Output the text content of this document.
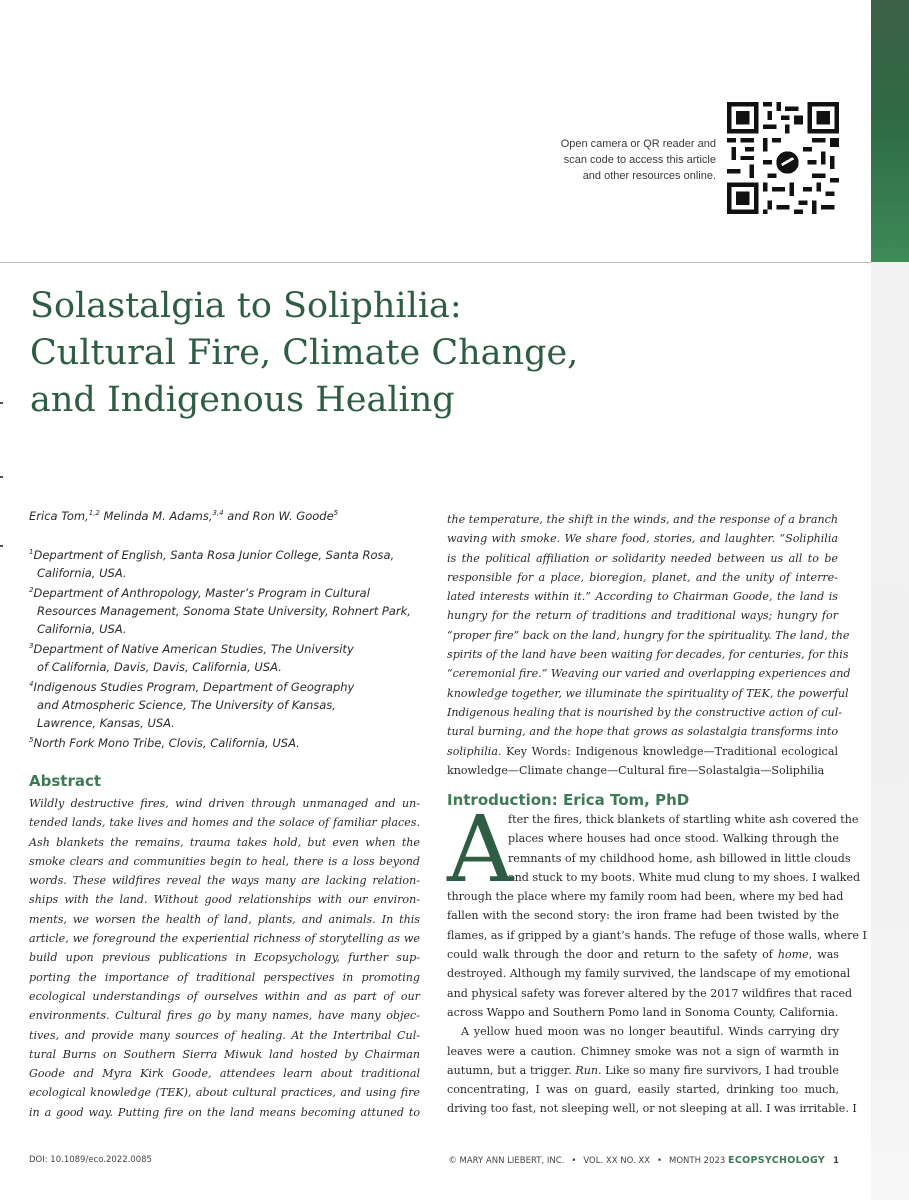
Open camera or QR reader and
scan code to access this article
and other resources online.
Solastalgia to Soliphilia:
Cultural Fire, Climate Change,
and Indigenous Healing
Erica Tom,$^{1,2}$ Melinda M. Adams,$^{3,4}$ and Ron W. Goode$^5$
$^1$Department of English, Santa Rosa Junior College, Santa Rosa,
California, USA.
$^2$Department of Anthropology, Master’s Program in Cultural
Resources Management, Sonoma State University, Rohnert Park,
California, USA.
$^3$Department of Native American Studies, The University
of California, Davis, Davis, California, USA.
$^4$Indigenous Studies Program, Department of Geography
and Atmospheric Science, The University of Kansas,
Lawrence, Kansas, USA.
$^5$North Fork Mono Tribe, Clovis, California, USA.
Abstract
Wildly destructive fires, wind driven through unmanaged and un-
tended lands, take lives and homes and the solace of familiar places.
Ash blankets the remains, trauma takes hold, but even when the
smoke clears and communities begin to heal, there is a loss beyond
words. These wildfires reveal the ways many are lacking relation-
ships with the land. Without good relationships with our environ-
ments, we worsen the health of land, plants, and animals. In this
article, we foreground the experiential richness of storytelling as we
build upon previous publications in Ecopsychology, further sup-
porting the importance of traditional perspectives in promoting
ecological understandings of ourselves within and as part of our
environments. Cultural fires go by many names, have many objec-
tives, and provide many sources of healing. At the Intertribal Cul-
tural Burns on Southern Sierra Miwuk land hosted by Chairman
Goode and Myra Kirk Goode, attendees learn about traditional
ecological knowledge (TEK), about cultural practices, and using fire
in a good way. Putting fire on the land means becoming attuned to
the temperature, the shift in the winds, and the response of a branch
waving with smoke. We share food, stories, and laughter. “Soliphilia
is the political affiliation or solidarity needed between us all to be
responsible for a place, bioregion, planet, and the unity of interre-
lated interests within it.” According to Chairman Goode, the land is
hungry for the return of traditions and traditional ways; hungry for
“proper fire” back on the land, hungry for the spirituality. The land, the
spirits of the land have been waiting for decades, for centuries, for this
“ceremonial fire.” Weaving our varied and overlapping experiences and
knowledge together, we illuminate the spirituality of TEK, the powerful
Indigenous healing that is nourished by the constructive action of cul-
tural burning, and the hope that grows as solastalgia transforms into
soliphilia. Key Words: Indigenous knowledge—Traditional ecological
knowledge—Climate change—Cultural fire—Solastalgia—Soliphilia
Introduction: Erica Tom, PhD
A
fter the fires, thick blankets of startling white ash covered the
places where houses had once stood. Walking through the
remnants of my childhood home, ash billowed in little clouds
and stuck to my boots. White mud clung to my shoes. I walked
through the place where my family room had been, where my bed had
fallen with the second story: the iron frame had been twisted by the
flames, as if gripped by a giant’s hands. The refuge of those walls, where I
could walk through the door and return to the safety of home, was
destroyed. Although my family survived, the landscape of my emotional
and physical safety was forever altered by the 2017 wildfires that raced
across Wappo and Southern Pomo land in Sonoma County, California.
A yellow hued moon was no longer beautiful. Winds carrying dry
leaves were a caution. Chimney smoke was not a sign of warmth in
autumn, but a trigger. Run. Like so many fire survivors, I had trouble
concentrating, I was on guard, easily started, drinking too much,
driving too fast, not sleeping well, or not sleeping at all. I was irritable. I
DOI: 10.1089/eco.2022.0085	© MARY ANN LIEBERT, INC. • VOL. XX NO. XX • MONTH 2023 ECOPSYCHOLOGY 1
